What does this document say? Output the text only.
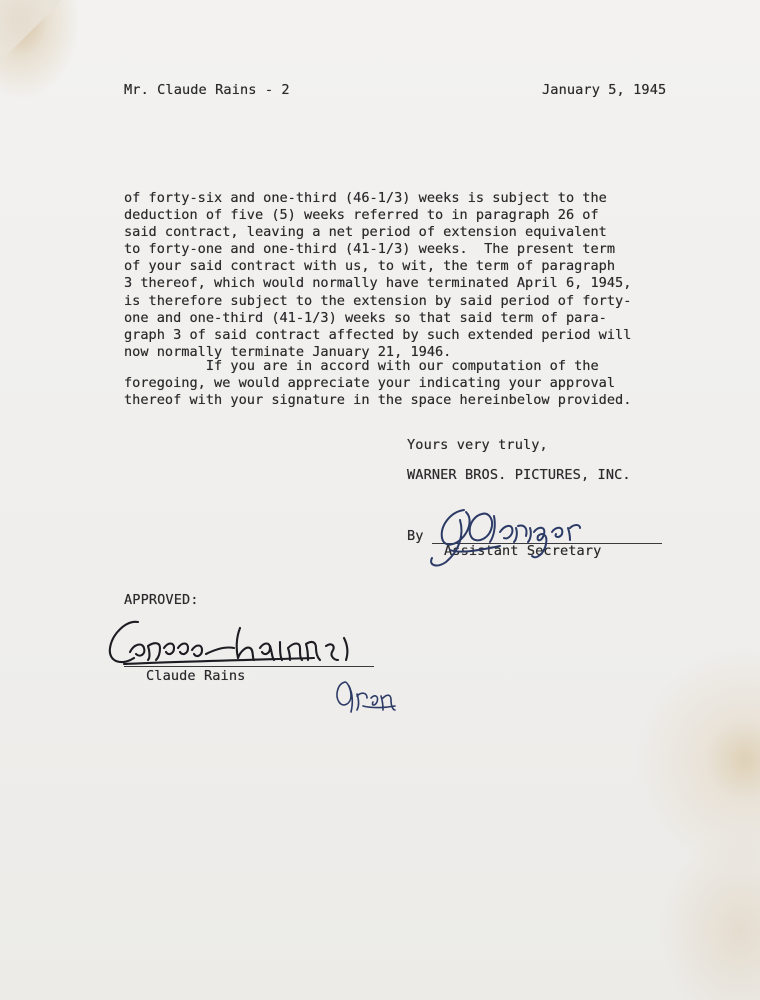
Mr. Claude Rains - 2	January 5, 1945
of forty-six and one-third (46-1/3) weeks is subject to the
deduction of five (5) weeks referred to in paragraph 26 of
said contract, leaving a net period of extension equivalent
to forty-one and one-third (41-1/3) weeks.  The present term
of your said contract with us, to wit, the term of paragraph
3 thereof, which would normally have terminated April 6, 1945,
is therefore subject to the extension by said period of forty-
one and one-third (41-1/3) weeks so that said term of para-
graph 3 of said contract affected by such extended period will
now normally terminate January 21, 1946.
If you are in accord with our computation of the
foregoing, we would appreciate your indicating your approval
thereof with your signature in the space hereinbelow provided.
Yours very truly,
WARNER BROS. PICTURES, INC.
By
Assistant Secretary
APPROVED:
Claude Rains
